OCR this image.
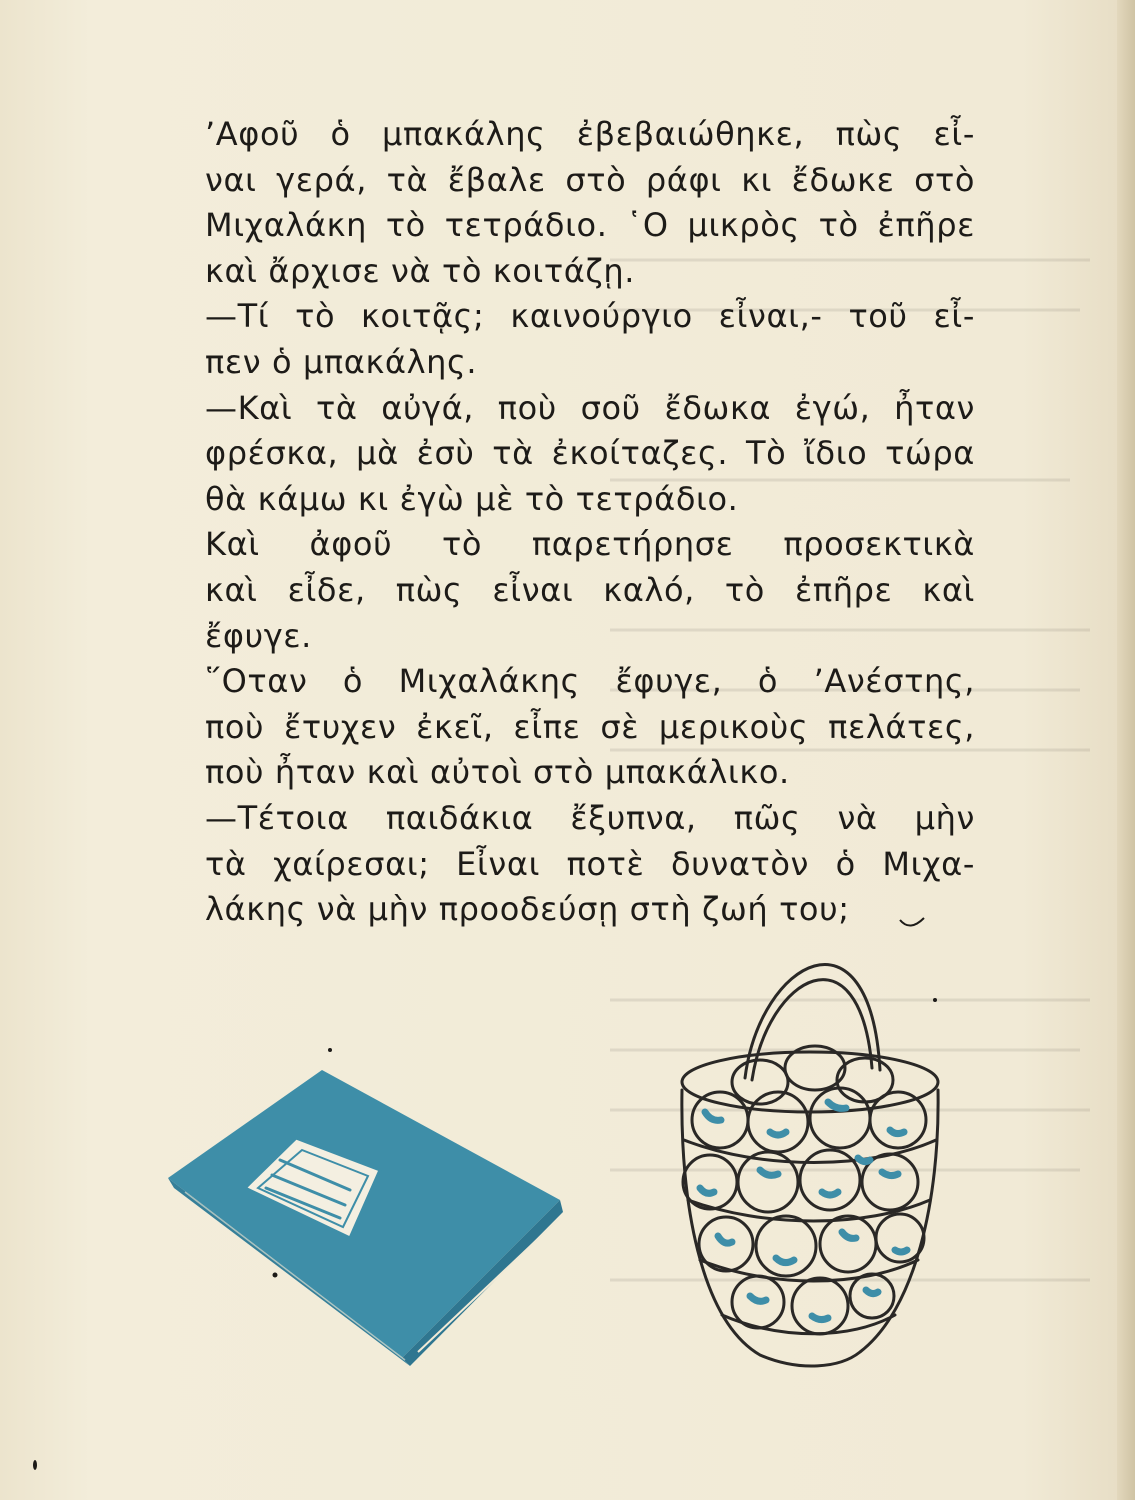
’Αφοῦ ὁ μπακάλης ἐβεβαιώθηκε, πὼς εἶ-
ναι γερά, τὰ ἔβαλε στὸ ράφι κι ἔδωκε στὸ
Μιχαλάκη τὸ τετράδιο. ῾Ο μικρὸς τὸ ἐπῆρε
καὶ ἄρχισε νὰ τὸ κοιτάζῃ.

—Τί τὸ κοιτᾷς; καινούργιο εἶναι,- τοῦ εἶ-
πεν ὁ μπακάλης.

—Καὶ τὰ αὐγά, ποὺ σοῦ ἔδωκα ἐγώ, ἦταν
φρέσκα, μὰ ἐσὺ τὰ ἐκοίταζες. Τὸ ἴδιο τώρα
θὰ κάμω κι ἐγὼ μὲ τὸ τετράδιο.

Καὶ ἀφοῦ τὸ παρετήρησε προσεκτικὰ
καὶ εἶδε, πὼς εἶναι καλό, τὸ ἐπῆρε καὶ
ἔφυγε.

῞Οταν ὁ Μιχαλάκης ἔφυγε, ὁ ’Ανέστης,
ποὺ ἔτυχεν ἐκεῖ, εἶπε σὲ μερικοὺς πελάτες,
ποὺ ἦταν καὶ αὐτοὶ στὸ μπακάλικο.

—Τέτοια παιδάκια ἔξυπνα, πῶς νὰ μὴν
τὰ χαίρεσαι; Εἶναι ποτὲ δυνατὸν ὁ Μιχα-
λάκης νὰ μὴν προοδεύσῃ στὴ ζωή του;
